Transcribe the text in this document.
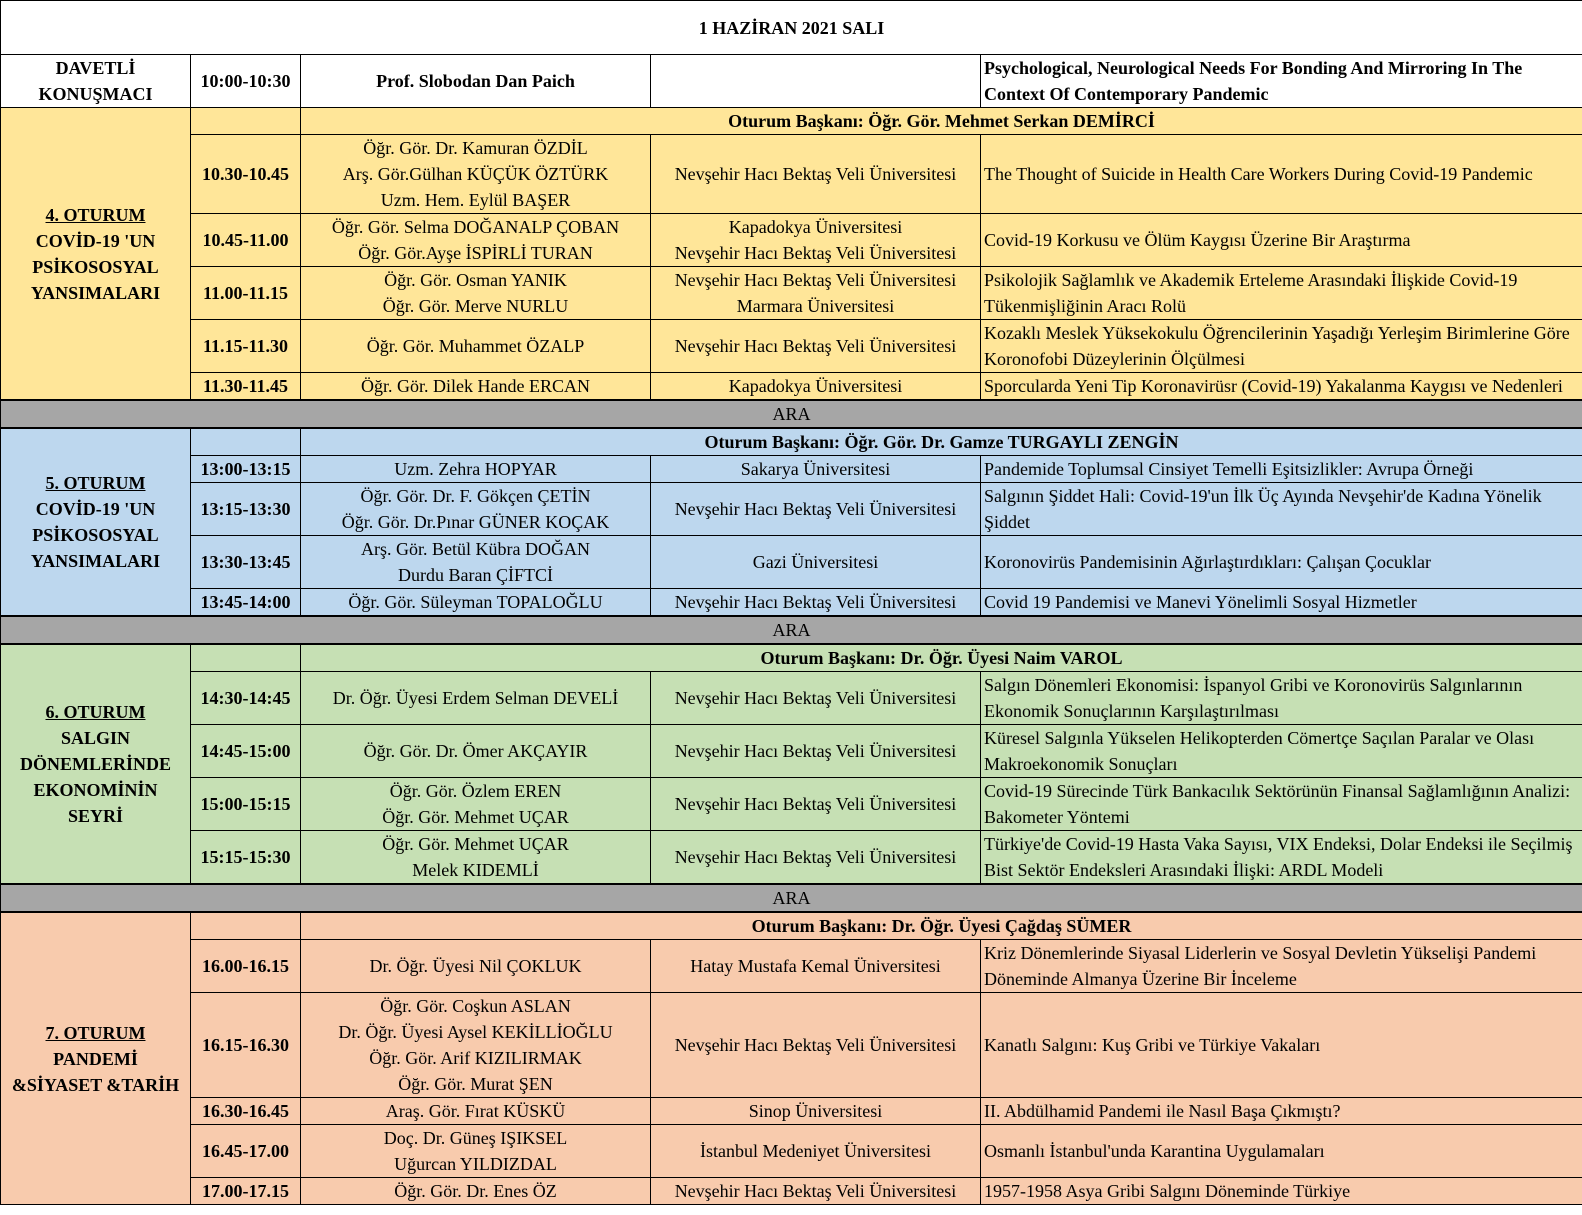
1 HAZİRAN 2021 SALI				

DAVETLİ
KONUŞMACI	10:00-10:30	Prof. Slobodan Dan Paich		Psychological, Neurological Needs For Bonding And Mirroring In The Context Of Contemporary Pandemic

4. OTURUM
COVİD-19 'UN
PSİKOSOSYAL
YANSIMALARI		Oturum Başkanı: Öğr. Gör. Mehmet Serkan DEMİRCİ		
	10.30-10.45	Öğr. Gör. Dr. Kamuran ÖZDİL
Arş. Gör.Gülhan KÜÇÜK ÖZTÜRK
Uzm. Hem. Eylül BAŞER	Nevşehir Hacı Bektaş Veli Üniversitesi	The Thought of Suicide in Health Care Workers During Covid-19 Pandemic
	10.45-11.00	Öğr. Gör. Selma DOĞANALP ÇOBAN
Öğr. Gör.Ayşe İSPİRLİ TURAN	Kapadokya Üniversitesi
Nevşehir Hacı Bektaş Veli Üniversitesi	Covid-19 Korkusu ve Ölüm Kaygısı Üzerine Bir Araştırma
	11.00-11.15	Öğr. Gör. Osman YANIK
Öğr. Gör. Merve NURLU	Nevşehir Hacı Bektaş Veli Üniversitesi
Marmara Üniversitesi	Psikolojik Sağlamlık ve Akademik Erteleme Arasındaki İlişkide Covid-19 Tükenmişliğinin Aracı Rolü
	11.15-11.30	Öğr. Gör. Muhammet ÖZALP	Nevşehir Hacı Bektaş Veli Üniversitesi	Kozaklı Meslek Yüksekokulu Öğrencilerinin Yaşadığı Yerleşim Birimlerine Göre Koronofobi Düzeylerinin Ölçülmesi
	11.30-11.45	Öğr. Gör. Dilek Hande ERCAN	Kapadokya Üniversitesi	Sporcularda Yeni Tip Koronavirüsr (Covid-19) Yakalanma Kaygısı ve Nedenleri
ARA				

5. OTURUM
COVİD-19 'UN
PSİKOSOSYAL
YANSIMALARI		Oturum Başkanı: Öğr. Gör. Dr. Gamze TURGAYLI ZENGİN		
	13:00-13:15	Uzm. Zehra HOPYAR	Sakarya Üniversitesi	Pandemide Toplumsal Cinsiyet Temelli Eşitsizlikler: Avrupa Örneği
	13:15-13:30	Öğr. Gör. Dr. F. Gökçen ÇETİN
Öğr. Gör. Dr.Pınar GÜNER KOÇAK	Nevşehir Hacı Bektaş Veli Üniversitesi	Salgının Şiddet Hali: Covid-19'un İlk Üç Ayında Nevşehir'de Kadına Yönelik Şiddet
	13:30-13:45	Arş. Gör. Betül Kübra DOĞAN
Durdu Baran ÇİFTCİ	Gazi Üniversitesi	Koronovirüs Pandemisinin Ağırlaştırdıkları: Çalışan Çocuklar
	13:45-14:00	Öğr. Gör. Süleyman TOPALOĞLU	Nevşehir Hacı Bektaş Veli Üniversitesi	Covid 19 Pandemisi ve Manevi Yönelimli Sosyal Hizmetler
ARA				

6. OTURUM
SALGIN
DÖNEMLERİNDE
EKONOMİNİN
SEYRİ		Oturum Başkanı: Dr. Öğr. Üyesi Naim VAROL		
	14:30-14:45	Dr. Öğr. Üyesi Erdem Selman DEVELİ	Nevşehir Hacı Bektaş Veli Üniversitesi	Salgın Dönemleri Ekonomisi: İspanyol Gribi ve Koronovirüs Salgınlarının Ekonomik Sonuçlarının Karşılaştırılması
	14:45-15:00	Öğr. Gör. Dr. Ömer AKÇAYIR	Nevşehir Hacı Bektaş Veli Üniversitesi	Küresel Salgınla Yükselen Helikopterden Cömertçe Saçılan Paralar ve Olası Makroekonomik Sonuçları
	15:00-15:15	Öğr. Gör. Özlem EREN
Öğr. Gör. Mehmet UÇAR	Nevşehir Hacı Bektaş Veli Üniversitesi	Covid-19 Sürecinde Türk Bankacılık Sektörünün Finansal Sağlamlığının Analizi: Bakometer Yöntemi
	15:15-15:30	Öğr. Gör. Mehmet UÇAR
Melek KIDEMLİ	Nevşehir Hacı Bektaş Veli Üniversitesi	Türkiye'de Covid-19 Hasta Vaka Sayısı, VIX Endeksi, Dolar Endeksi ile Seçilmiş Bist Sektör Endeksleri Arasındaki İlişki: ARDL Modeli
ARA				

7. OTURUM
PANDEMİ
&SİYASET &TARİH		Oturum Başkanı: Dr. Öğr. Üyesi Çağdaş SÜMER		
	16.00-16.15	Dr. Öğr. Üyesi Nil ÇOKLUK	Hatay Mustafa Kemal Üniversitesi	Kriz Dönemlerinde Siyasal Liderlerin ve Sosyal Devletin Yükselişi Pandemi Döneminde Almanya Üzerine Bir İnceleme
	16.15-16.30	Öğr. Gör. Coşkun ASLAN
Dr. Öğr. Üyesi Aysel KEKİLLİOĞLU
Öğr. Gör. Arif KIZILIRMAK
Öğr. Gör. Murat ŞEN	Nevşehir Hacı Bektaş Veli Üniversitesi	Kanatlı Salgını: Kuş Gribi ve Türkiye Vakaları
	16.30-16.45	Araş. Gör. Fırat KÜSKÜ	Sinop Üniversitesi	II. Abdülhamid Pandemi ile Nasıl Başa Çıkmıştı?
	16.45-17.00	Doç. Dr. Güneş IŞIKSEL
Uğurcan YILDIZDAL	İstanbul Medeniyet Üniversitesi	Osmanlı İstanbul'unda Karantina Uygulamaları
	17.00-17.15	Öğr. Gör. Dr. Enes ÖZ	Nevşehir Hacı Bektaş Veli Üniversitesi	1957-1958 Asya Gribi Salgını Döneminde Türkiye
